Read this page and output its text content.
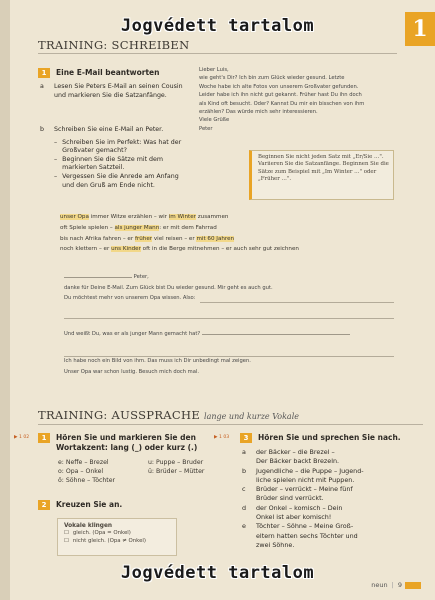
Jogvédett tartalom	1
TRAINING: SCHREIBEN
1 Eine E-Mail beantworten
a	Lesen Sie Peters E-Mail an seinen Cousin und markieren Sie die Satzanfänge.
b	Schreiben Sie eine E-Mail an Peter.
– Schreiben Sie im Perfekt: Was hat der Großvater gemacht?
– Beginnen Sie die Sätze mit dem markierten Satzteil.
– Vergessen Sie die Anrede am Anfang und den Gruß am Ende nicht.
Lieber Luis,
wie geht's Dir? Ich bin zum Glück wieder gesund. Letzte
Woche habe ich alte Fotos von unserem Großvater gefunden.
Leider habe ich ihn nicht gut gekannt. Früher hast Du ihn doch
als Kind oft besucht. Oder? Kannst Du mir ein bisschen von ihm
erzählen? Das würde mich sehr interessieren.
Viele Grüße
Peter
Beginnen Sie nicht jeden Satz mit „Er/Sie …". Variieren Sie die Satzanfänge. Beginnen Sie die Sätze zum Beispiel mit „Im Winter …" oder „Früher …".
unser Opa immer Witze erzählen – wir im Winter zusammen
oft Spiele spielen – als junger Mann: er mit dem Fahrrad
bis nach Afrika fahren – er früher viel reisen – er mit 60 Jahren
noch klettern – er uns Kinder oft in die Berge mitnehmen – er auch sehr gut zeichnen
Peter,
danke für Deine E-Mail. Zum Glück bist Du wieder gesund. Mir geht es auch gut.
Du möchtest mehr von unserem Opa wissen. Also:
Und weißt Du, was er als junger Mann gemacht hat?
Ich habe noch ein Bild von ihm. Das muss ich Dir unbedingt mal zeigen.
Unser Opa war schon lustig. Besuch mich doch mal.
TRAINING: AUSSPRACHE lange und kurze Vokale
▶ 1 02	1 Hören Sie und markieren Sie den
Wortakzent: lang (_) oder kurz (.)
e: Neffe – Brezel
o: Opa – Onkel
ö: Söhne – Töchter
u: Puppe – Bruder
ü: Brüder – Mütter
2 Kreuzen Sie an.
Vokale klingen
☐ gleich. (Opa = Onkel)
☐ nicht gleich. (Opa ≠ Onkel)
▶ 1 03	3 Hören Sie und sprechen Sie nach.
a	der Bäcker – die Brezel –
Der Bäcker backt Brezeln.
b	Jugendliche – die Puppe – Jugend-
liche spielen nicht mit Puppen.
c	Brüder – verrückt – Meine fünf
Brüder sind verrückt.
d	der Onkel – komisch – Dein
Onkel ist aber komisch!
e	Töchter – Söhne – Meine Groß-
eltern hatten sechs Töchter und
zwei Söhne.
Jogvédett tartalom
neun | 9
